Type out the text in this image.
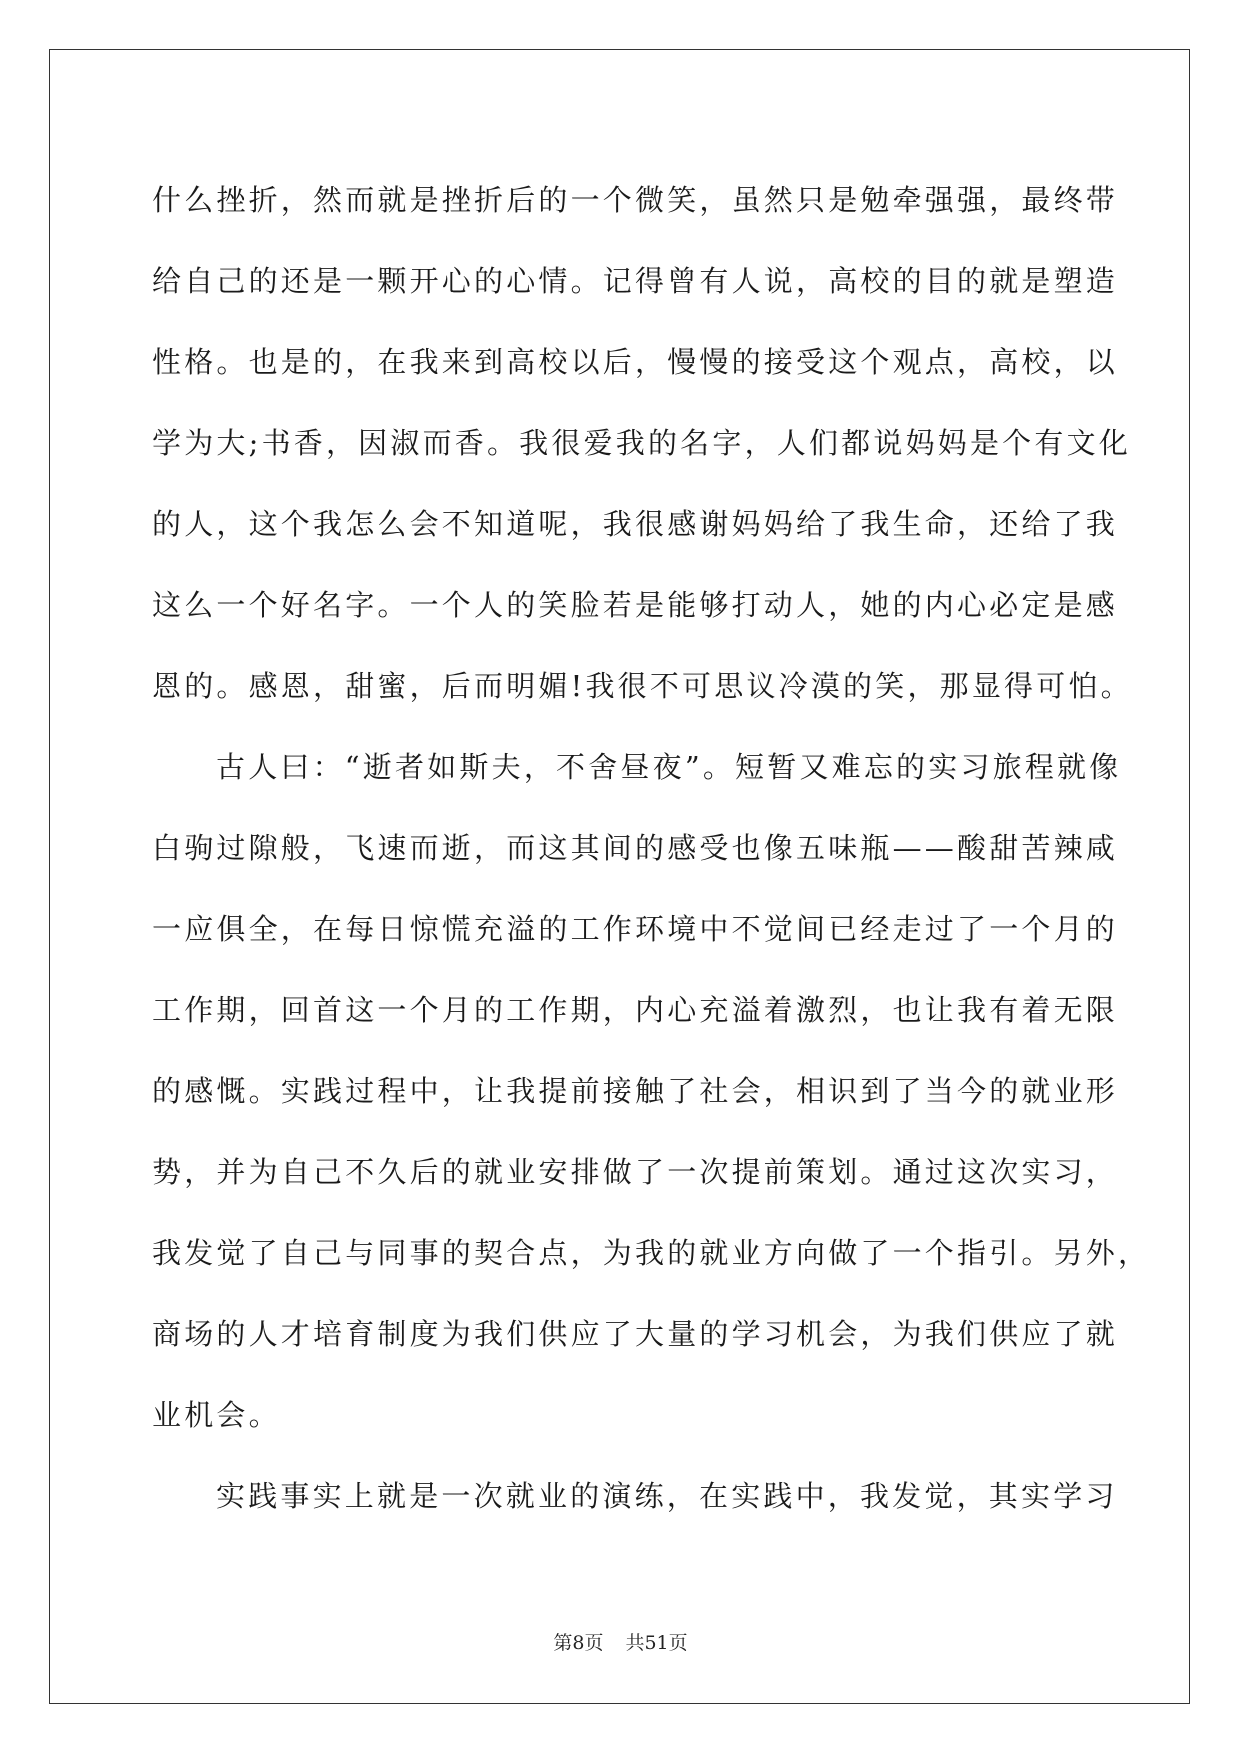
什么挫折，然而就是挫折后的一个微笑，虽然只是勉牵强强，最终带
给自己的还是一颗开心的心情。记得曾有人说，高校的目的就是塑造
性格。也是的，在我来到高校以后，慢慢的接受这个观点，高校，以
学为大;书香，因淑而香。我很爱我的名字，人们都说妈妈是个有文化
的人，这个我怎么会不知道呢，我很感谢妈妈给了我生命，还给了我
这么一个好名字。一个人的笑脸若是能够打动人，她的内心必定是感
恩的。感恩，甜蜜，后而明媚!我很不可思议冷漠的笑，那显得可怕。
古人曰：“逝者如斯夫，不舍昼夜”。短暂又难忘的实习旅程就像
白驹过隙般，飞速而逝，而这其间的感受也像五味瓶——酸甜苦辣咸
一应俱全，在每日惊慌充溢的工作环境中不觉间已经走过了一个月的
工作期，回首这一个月的工作期，内心充溢着激烈，也让我有着无限
的感慨。实践过程中，让我提前接触了社会，相识到了当今的就业形
势，并为自己不久后的就业安排做了一次提前策划。通过这次实习，
我发觉了自己与同事的契合点，为我的就业方向做了一个指引。另外，
商场的人才培育制度为我们供应了大量的学习机会，为我们供应了就
业机会。
实践事实上就是一次就业的演练，在实践中，我发觉，其实学习
第8页 共51页
